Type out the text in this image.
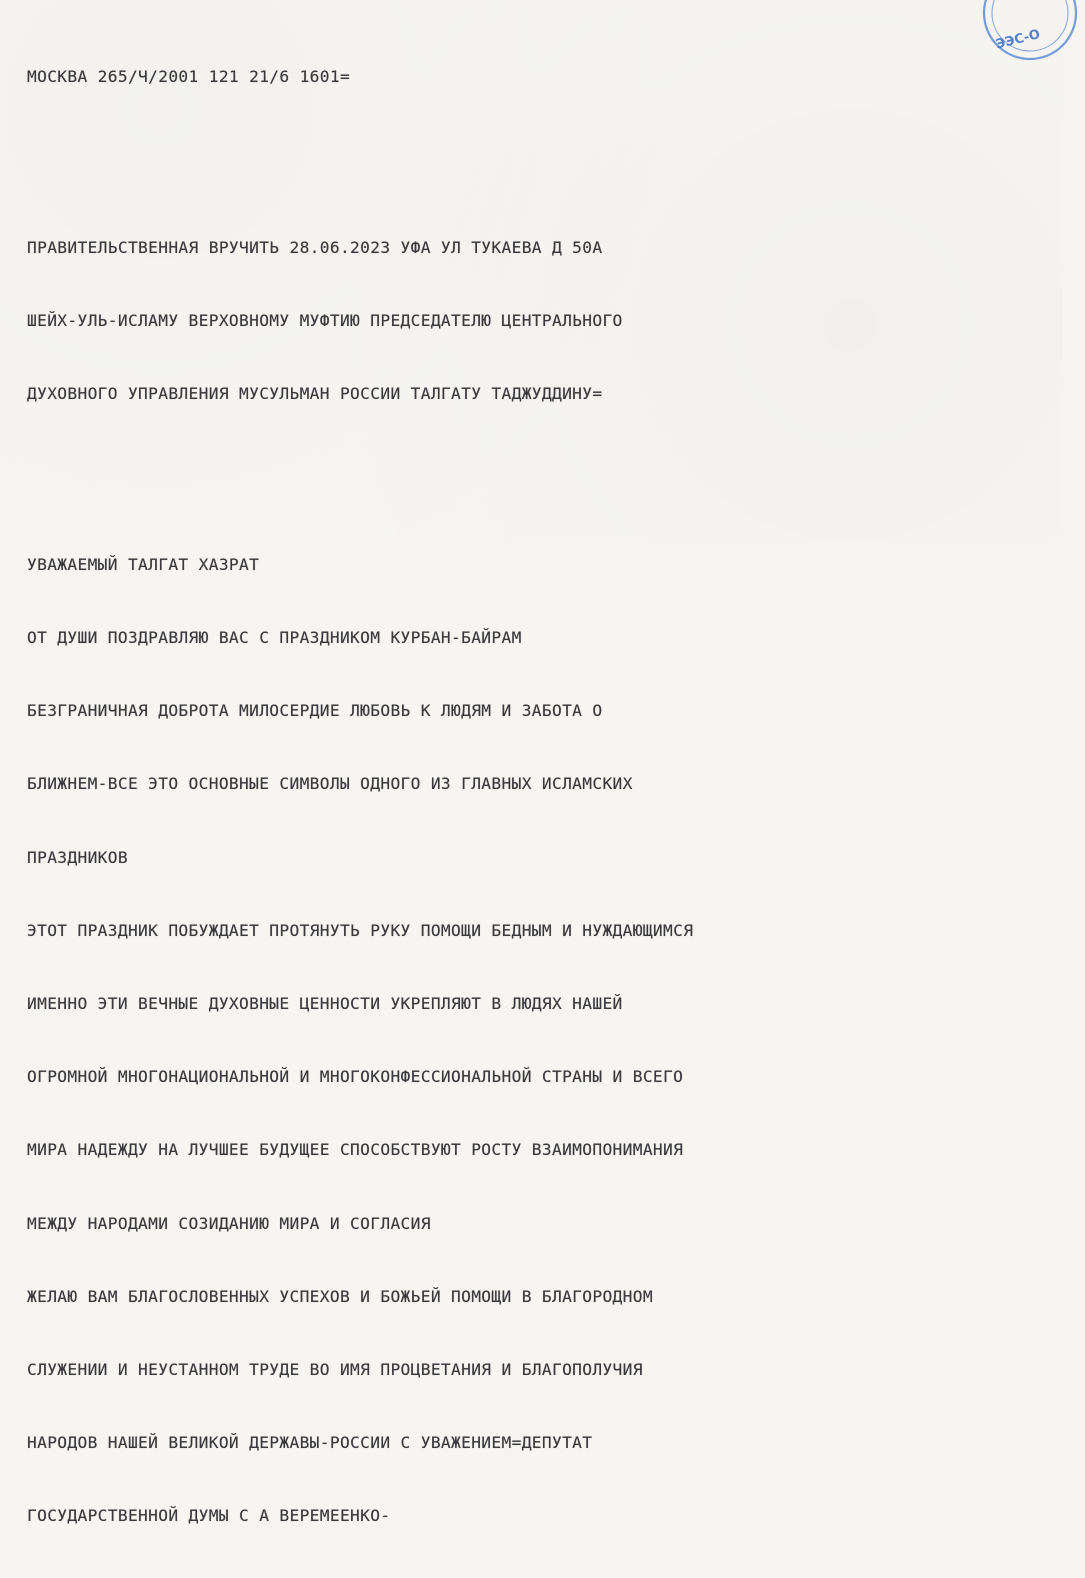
ЭЭС-О

МОСКВА 265/Ч/2001 121 21/6 1601=

ПРАВИТЕЛЬСТВЕННАЯ ВРУЧИТЬ 28.06.2023 УФА УЛ ТУКАЕВА Д 50А

ШЕЙХ-УЛЬ-ИСЛАМУ ВЕРХОВНОМУ МУФТИЮ ПРЕДСЕДАТЕЛЮ ЦЕНТРАЛЬНОГО

ДУХОВНОГО УПРАВЛЕНИЯ МУСУЛЬМАН РОССИИ ТАЛГАТУ ТАДЖУДДИНУ=

УВАЖАЕМЫЙ ТАЛГАТ ХАЗРАТ

ОТ ДУШИ ПОЗДРАВЛЯЮ ВАС С ПРАЗДНИКОМ КУРБАН-БАЙРАМ

БЕЗГРАНИЧНАЯ ДОБРОТА МИЛОСЕРДИЕ ЛЮБОВЬ К ЛЮДЯМ И ЗАБОТА О

БЛИЖНЕМ-ВСЕ ЭТО ОСНОВНЫЕ СИМВОЛЫ ОДНОГО ИЗ ГЛАВНЫХ ИСЛАМСКИХ

ПРАЗДНИКОВ

ЭТОТ ПРАЗДНИК ПОБУЖДАЕТ ПРОТЯНУТЬ РУКУ ПОМОЩИ БЕДНЫМ И НУЖДАЮЩИМСЯ

ИМЕННО ЭТИ ВЕЧНЫЕ ДУХОВНЫЕ ЦЕННОСТИ УКРЕПЛЯЮТ В ЛЮДЯХ НАШЕЙ

ОГРОМНОЙ МНОГОНАЦИОНАЛЬНОЙ И МНОГОКОНФЕССИОНАЛЬНОЙ СТРАНЫ И ВСЕГО

МИРА НАДЕЖДУ НА ЛУЧШЕЕ БУДУЩЕЕ СПОСОБСТВУЮТ РОСТУ ВЗАИМОПОНИМАНИЯ

МЕЖДУ НАРОДАМИ СОЗИДАНИЮ МИРА И СОГЛАСИЯ

ЖЕЛАЮ ВАМ БЛАГОСЛОВЕННЫХ УСПЕХОВ И БОЖЬЕЙ ПОМОЩИ В БЛАГОРОДНОМ

СЛУЖЕНИИ И НЕУСТАННОМ ТРУДЕ ВО ИМЯ ПРОЦВЕТАНИЯ И БЛАГОПОЛУЧИЯ

НАРОДОВ НАШЕЙ ВЕЛИКОЙ ДЕРЖАВЫ-РОССИИ С УВАЖЕНИЕМ=ДЕПУТАТ

ГОСУДАРСТВЕННОЙ ДУМЫ С А ВЕРЕМЕЕНКО-
